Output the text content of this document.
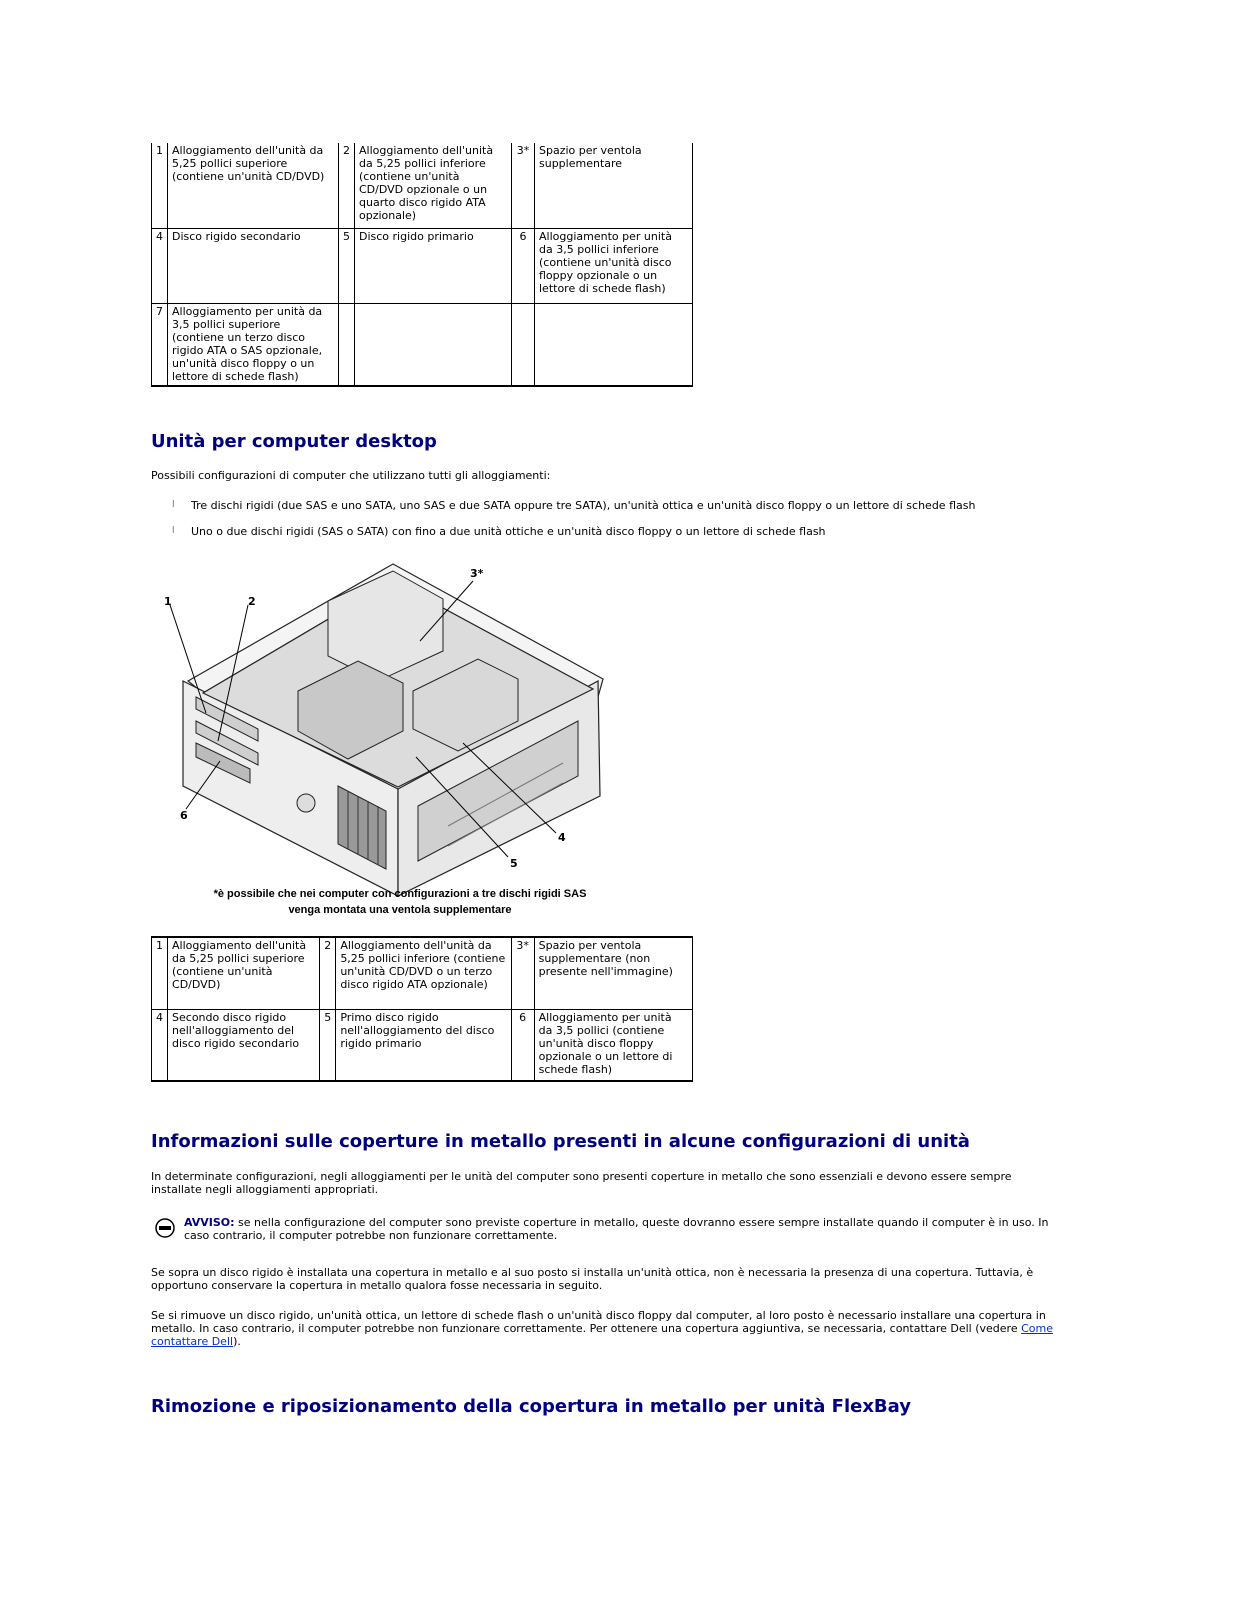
1	Alloggiamento dell'unità da 5,25 pollici superiore (contiene un'unità CD/DVD)	2	Alloggiamento dell'unità da 5,25 pollici inferiore (contiene un'unità CD/DVD opzionale o un quarto disco rigido ATA opzionale)	3*	Spazio per ventola supplementare
4	Disco rigido secondario	5	Disco rigido primario	6	Alloggiamento per unità da 3,5 pollici inferiore (contiene un'unità disco floppy opzionale o un lettore di schede flash)
7	Alloggiamento per unità da 3,5 pollici superiore (contiene un terzo disco rigido ATA o SAS opzionale, un'unità disco floppy o un lettore di schede flash)				
Unità per computer desktop

Possibili configurazioni di computer che utilizzano tutti gli alloggiamenti:

l Tre dischi rigidi (due SAS e uno SATA, uno SAS e due SATA oppure tre SATA), un'unità ottica e un'unità disco floppy o un lettore di schede flash
l Uno o due dischi rigidi (SAS o SATA) con fino a due unità ottiche e un'unità disco floppy o un lettore di schede flash
1	2
3*
4
5
6
*è possibile che nei computer con configurazioni a tre dischi rigidi SAS
venga montata una ventola supplementare
1	Alloggiamento dell'unità da 5,25 pollici superiore (contiene un'unità CD/DVD)	2	Alloggiamento dell'unità da 5,25 pollici inferiore (contiene un'unità CD/DVD o un terzo disco rigido ATA opzionale)	3*	Spazio per ventola supplementare (non presente nell'immagine)
4	Secondo disco rigido nell'alloggiamento del disco rigido secondario	5	Primo disco rigido nell'alloggiamento del disco rigido primario	6	Alloggiamento per unità da 3,5 pollici (contiene un'unità disco floppy opzionale o un lettore di schede flash)
Informazioni sulle coperture in metallo presenti in alcune configurazioni di unità

In determinate configurazioni, negli alloggiamenti per le unità del computer sono presenti coperture in metallo che sono essenziali e devono essere sempre installate negli alloggiamenti appropriati.

AVVISO: se nella configurazione del computer sono previste coperture in metallo, queste dovranno essere sempre installate quando il computer è in uso. In caso contrario, il computer potrebbe non funzionare correttamente.

Se sopra un disco rigido è installata una copertura in metallo e al suo posto si installa un'unità ottica, non è necessaria la presenza di una copertura. Tuttavia, è opportuno conservare la copertura in metallo qualora fosse necessaria in seguito.

Se si rimuove un disco rigido, un'unità ottica, un lettore di schede flash o un'unità disco floppy dal computer, al loro posto è necessario installare una copertura in metallo. In caso contrario, il computer potrebbe non funzionare correttamente. Per ottenere una copertura aggiuntiva, se necessaria, contattare Dell (vedere Come contattare Dell).

Rimozione e riposizionamento della copertura in metallo per unità FlexBay
